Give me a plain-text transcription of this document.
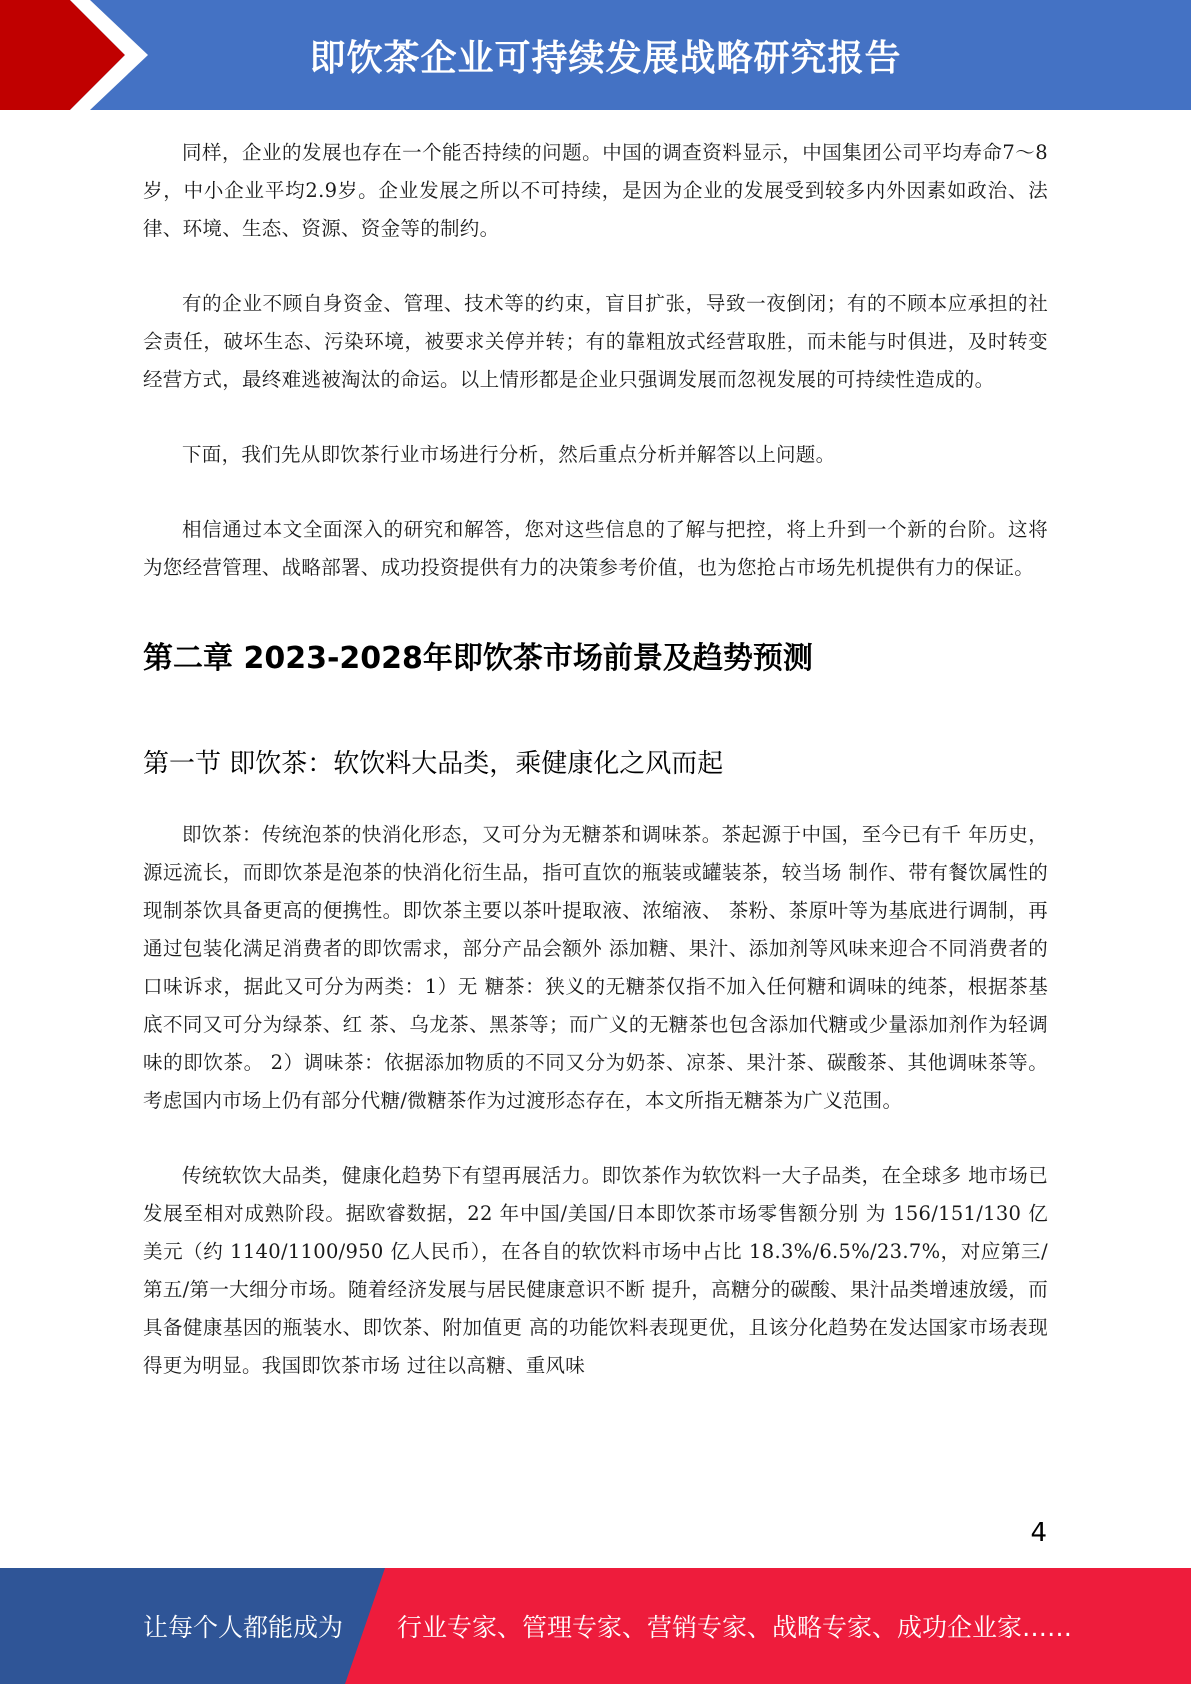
即饮茶企业可持续发展战略研究报告

同样，企业的发展也存在一个能否持续的问题。中国的调查资料显示，中国集团公司平均寿命7～8岁，中小企业平均2.9岁。企业发展之所以不可持续，是因为企业的发展受到较多内外因素如政治、法律、环境、生态、资源、资金等的制约。

有的企业不顾自身资金、管理、技术等的约束，盲目扩张，导致一夜倒闭；有的不顾本应承担的社会责任，破坏生态、污染环境，被要求关停并转；有的靠粗放式经营取胜，而未能与时俱进，及时转变经营方式，最终难逃被淘汰的命运。以上情形都是企业只强调发展而忽视发展的可持续性造成的。

下面，我们先从即饮茶行业市场进行分析，然后重点分析并解答以上问题。

相信通过本文全面深入的研究和解答，您对这些信息的了解与把控，将上升到一个新的台阶。这将为您经营管理、战略部署、成功投资提供有力的决策参考价值，也为您抢占市场先机提供有力的保证。

第二章 2023-2028年即饮茶市场前景及趋势预测
第一节 即饮茶：软饮料大品类，乘健康化之风而起

即饮茶：传统泡茶的快消化形态，又可分为无糖茶和调味茶。茶起源于中国，至今已有千 年历史，源远流长，而即饮茶是泡茶的快消化衍生品，指可直饮的瓶装或罐装茶，较当场 制作、带有餐饮属性的现制茶饮具备更高的便携性。即饮茶主要以茶叶提取液、浓缩液、 茶粉、茶原叶等为基底进行调制，再通过包装化满足消费者的即饮需求，部分产品会额外 添加糖、果汁、添加剂等风味来迎合不同消费者的口味诉求，据此又可分为两类：1）无 糖茶：狭义的无糖茶仅指不加入任何糖和调味的纯茶，根据茶基底不同又可分为绿茶、红 茶、乌龙茶、黑茶等；而广义的无糖茶也包含添加代糖或少量添加剂作为轻调味的即饮茶。 2）调味茶：依据添加物质的不同又分为奶茶、凉茶、果汁茶、碳酸茶、其他调味茶等。 考虑国内市场上仍有部分代糖/微糖茶作为过渡形态存在，本文所指无糖茶为广义范围。

传统软饮大品类，健康化趋势下有望再展活力。即饮茶作为软饮料一大子品类，在全球多 地市场已发展至相对成熟阶段。据欧睿数据，22 年中国/美国/日本即饮茶市场零售额分别 为 156/151/130 亿美元（约 1140/1100/950 亿人民币），在各自的软饮料市场中占比 18.3%/6.5%/23.7%，对应第三/第五/第一大细分市场。随着经济发展与居民健康意识不断 提升，高糖分的碳酸、果汁品类增速放缓，而具备健康基因的瓶装水、即饮茶、附加值更 高的功能饮料表现更优，且该分化趋势在发达国家市场表现得更为明显。我国即饮茶市场 过往以高糖、重风味

4
让每个人都能成为 行业专家、管理专家、营销专家、战略专家、成功企业家……
